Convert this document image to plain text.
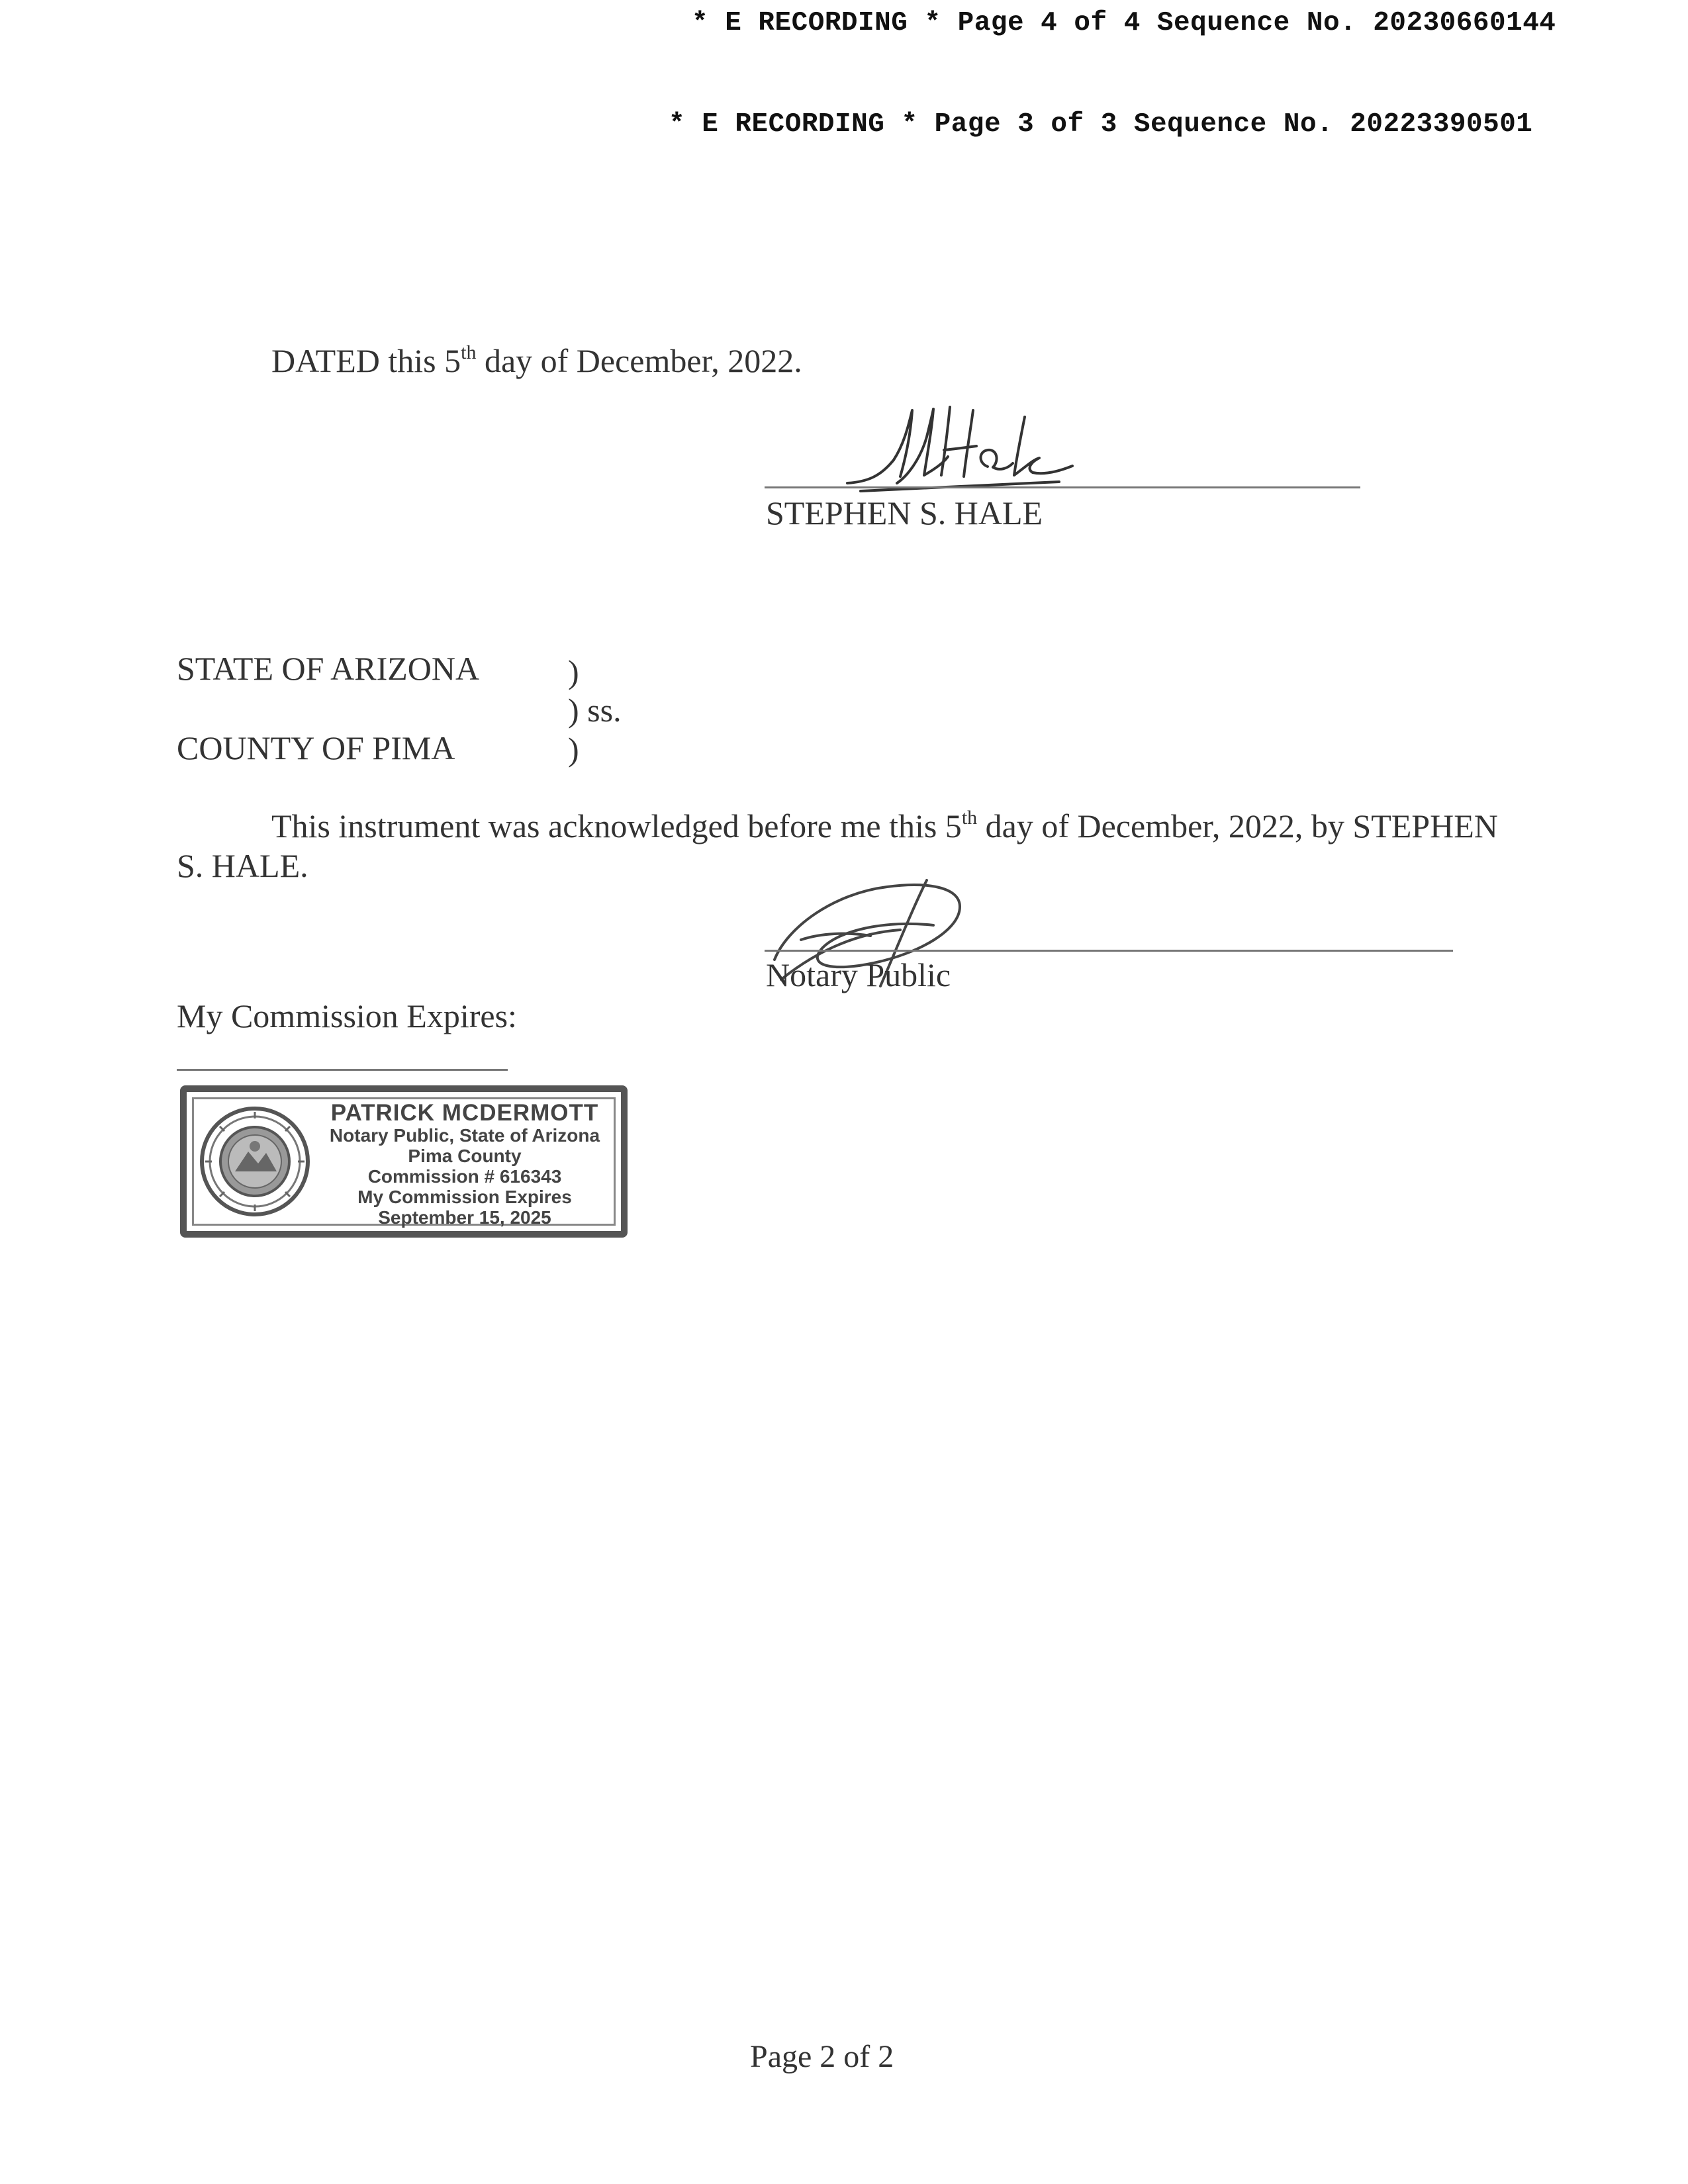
* E RECORDING * Page 4 of 4 Sequence No. 20230660144
* E RECORDING * Page 3 of 3 Sequence No. 20223390501
DATED this 5th day of December, 2022.
STEPHEN S. HALE
STATE OF ARIZONA	)
) ss.
COUNTY OF PIMA	)
This instrument was acknowledged before me this 5th day of December, 2022, by STEPHEN
S. HALE.
Notary Public
My Commission Expires:
PATRICK MCDERMOTT
Notary Public, State of Arizona
Pima County
Commission # 616343
My Commission Expires
September 15, 2025
Page 2 of 2
